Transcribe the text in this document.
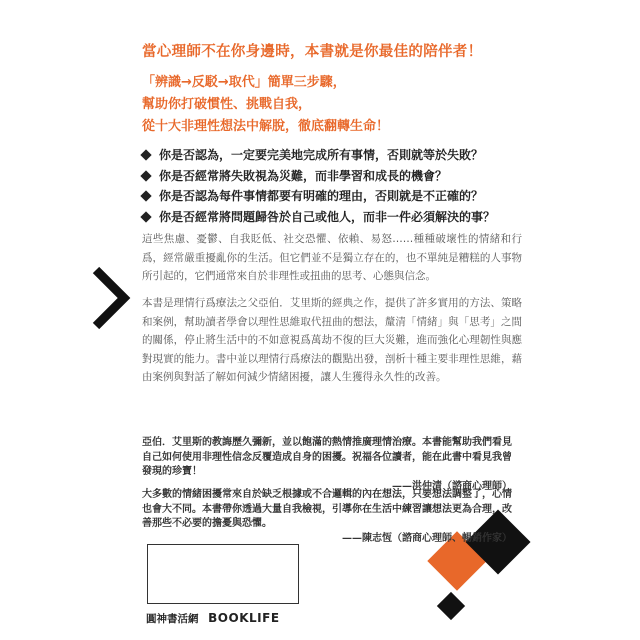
當心理師不在你身邊時，本書就是你最佳的陪伴者！
「辨識→反駁→取代」簡單三步驟，
幫助你打破慣性、挑戰自我，
從十大非理性想法中解脫，徹底翻轉生命！
你是否認為，一定要完美地完成所有事情，否則就等於失敗？
你是否經常將失敗視為災難，而非學習和成長的機會？
你是否認為每件事情都要有明確的理由，否則就是不正確的？
你是否經常將問題歸咎於自己或他人，而非一件必須解決的事？
這些焦慮、憂鬱、自我貶低、社交恐懼、依賴、易怒……種種破壞性的情緒和行爲，經常嚴重擾亂你的生活。但它們並不是獨立存在的，也不單純是糟糕的人事物所引起的，它們通常來自於非理性或扭曲的思考、心態與信念。
本書是理情行爲療法之父亞伯．艾里斯的經典之作，提供了許多實用的方法、策略和案例，幫助讀者學會以理性思維取代扭曲的想法，釐清「情緒」與「思考」之間的關係，停止將生活中的不如意視爲萬劫不復的巨大災難，進而強化心理韌性與應對現實的能力。書中並以理情行爲療法的觀點出發，剖析十種主要非理性思維，藉由案例與對話了解如何減少情緒困擾，讓人生獲得永久性的改善。
亞伯．艾里斯的教誨歷久彌新，並以飽滿的熱情推廣理情治療。本書能幫助我們看見自己如何使用非理性信念反覆造成自身的困擾。祝福各位讀者，能在此書中看見我曾發現的珍寶！
——洪仲清（諮商心理師）
大多數的情緒困擾常來自於缺乏根據或不合邏輯的內在想法，只要想法調整了，心情也會大不同。本書帶你透過大量自我檢視，引導你在生活中練習讓想法更為合理，改善那些不必要的擔憂與恐懼。
——陳志恆（諮商心理師、暢銷作家）
圓神書活網 BOOKLIFE
